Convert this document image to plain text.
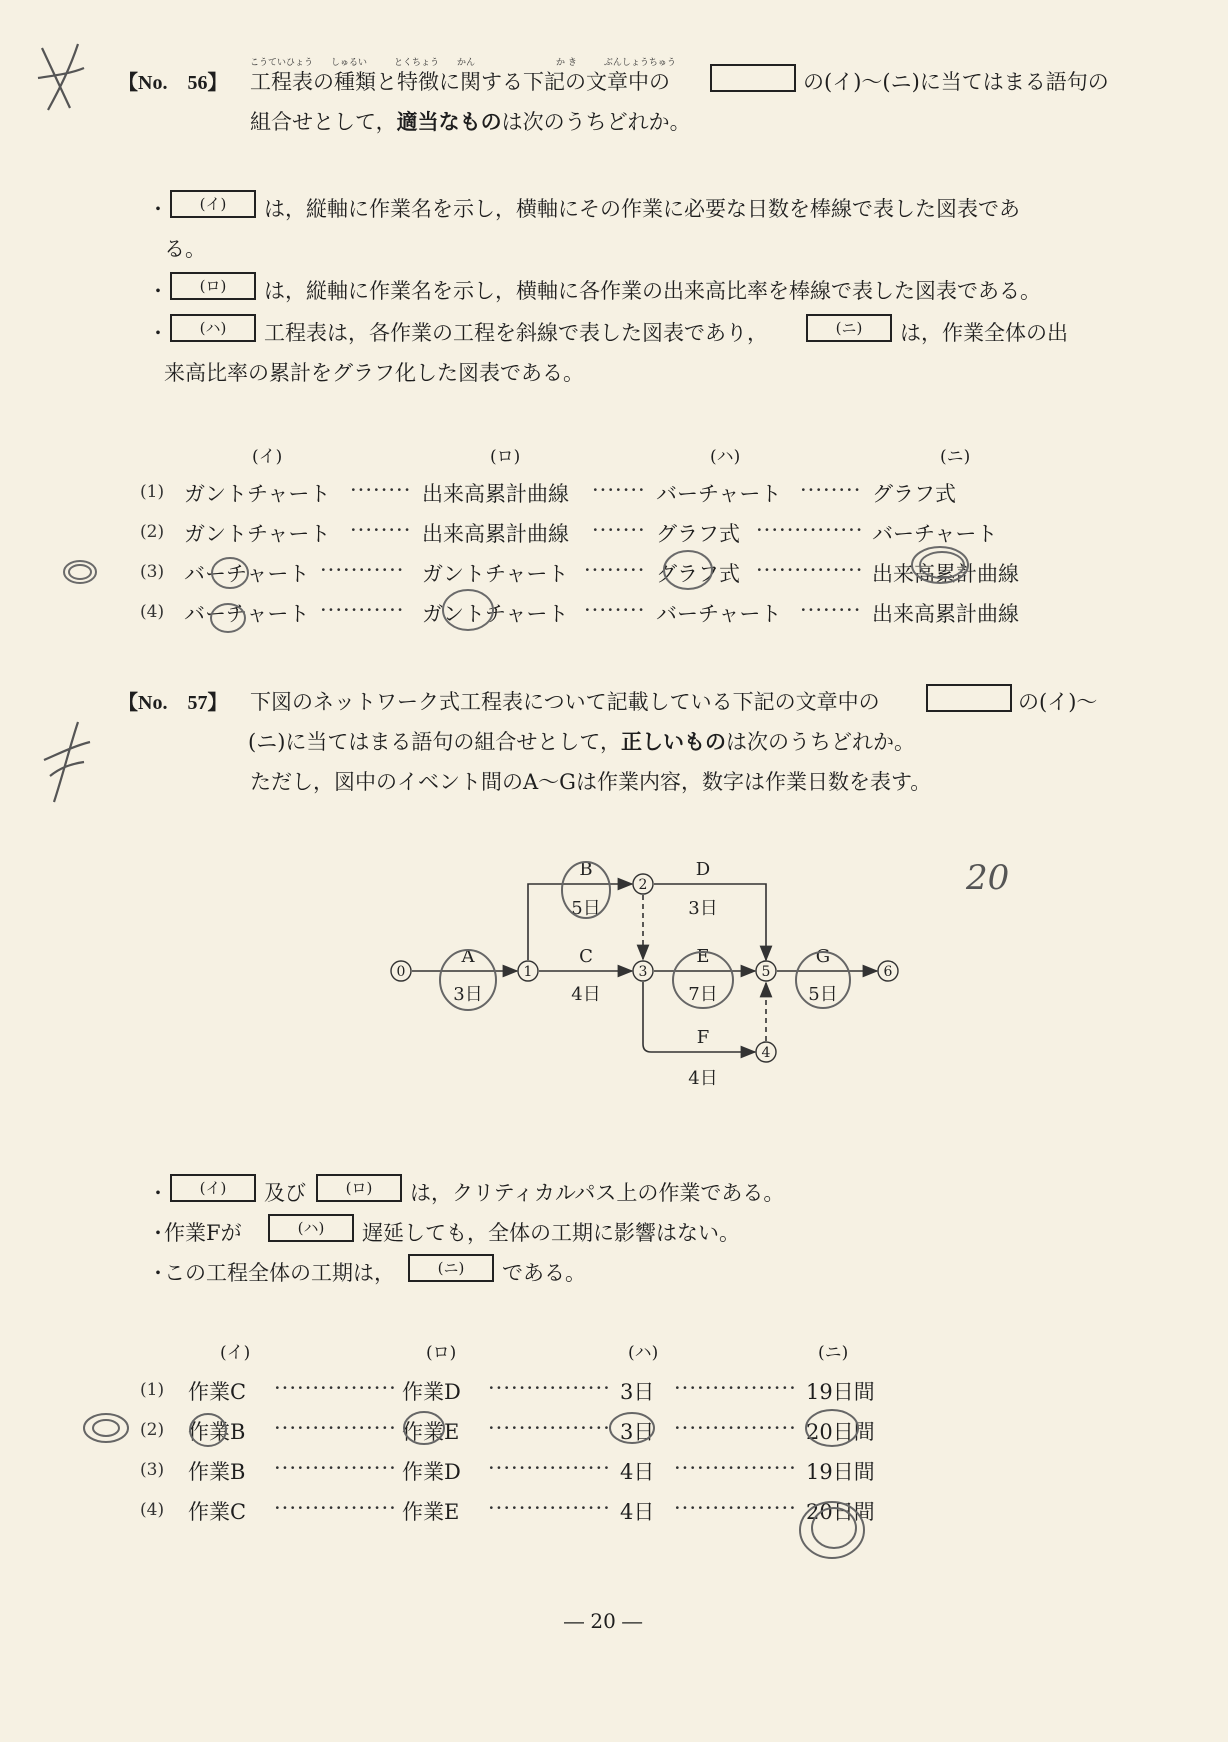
【No.　56】
こうていひょう　　しゅるい　　　とくちょう　　かん　　　　　　　　　か き　　　ぶんしょうちゅう
工程表の種類と特徴に関する下記の文章中の	の(イ)〜(ニ)に当てはまる語句の
組合せとして，適当なものは次のうちどれか。
・	(イ)	は，縦軸に作業名を示し，横軸にその作業に必要な日数を棒線で表した図表であ
る。
・	(ロ)	は，縦軸に作業名を示し，横軸に各作業の出来高比率を棒線で表した図表である。
・	(ハ)	工程表は，各作業の工程を斜線で表した図表であり，	(ニ)	は，作業全体の出
来高比率の累計をグラフ化した図表である。
(イ)	(ロ)	(ハ)	(ニ)
(1) ガントチャート ········ 出来高累計曲線 ······· バーチャート ········ グラフ式
(2) ガントチャート ········ 出来高累計曲線 ······· グラフ式 ·············· バーチャート
(3) バーチャート ··········· ガントチャート ········ グラフ式 ·············· 出来高累計曲線
(4) バーチャート ··········· ガントチャート ········ バーチャート ········ 出来高累計曲線
【No.　57】 下図のネットワーク式工程表について記載している下記の文章中の	の(イ)〜
(ニ)に当てはまる語句の組合せとして，正しいものは次のうちどれか。
ただし，図中のイベント間のA〜Gは作業内容，数字は作業日数を表す。
0	1
2
3
4
5	6
A
3日
B
5日
C
4日
D
3日
E
7日
F
4日
G
5日
20
・	(イ)	及び	(ロ)	は，クリティカルパス上の作業である。
・
作業Fが	(ハ)	遅延しても，全体の工期に影響はない。
・
この工程全体の工期は，	(ニ)	である。
(イ)	(ロ)	(ハ)	(ニ)
(1) 作業C ················ 作業D ················ 3日 ················ 19日間
(2) 作業B ················ 作業E ················ 3日 ················ 20日間
(3) 作業B ················ 作業D ················ 4日 ················ 19日間
(4) 作業C ················ 作業E ················ 4日 ················ 20日間
― 20 ―
